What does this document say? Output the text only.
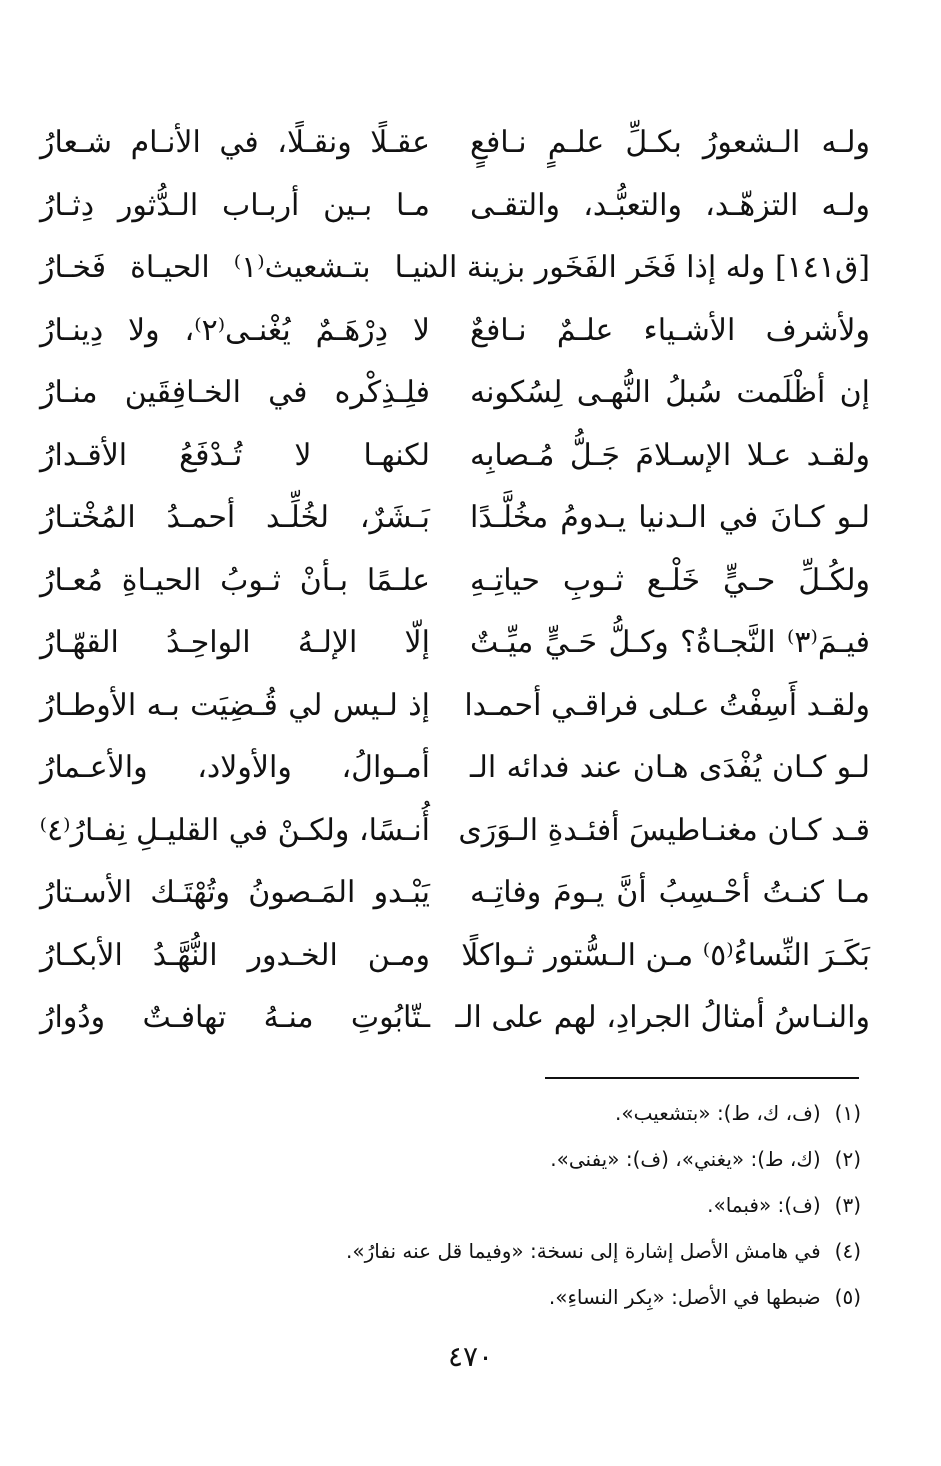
ولـه الـشعورُ بكـلِّ علـمٍ نـافعٍ
عقـلًا ونقـلًا، في الأنـام شـعارُ
ولـه التزهّـد، والتعبُّـد، والتقـى
مـا بـين أربـاب الـدُّثور دِثـارُ
[ق١٤١] وله إذا فَخَر الفَخَور بزينة الد
نيـا بتـشعيث⁽١⁾ الحيـاة فَخـارُ
ولأشرف الأشـياء علـمٌ نـافعٌ
لا دِرْهَـمٌ يُغْنـى⁽٢⁾، ولا دِينـارُ
إن أظْلَمت سُبلُ النُّهـى لِسُكونه
فلِـذِكْره في الخـافِقَين منـارُ
ولقـد عـلا الإسـلامَ جَـلُّ مُـصابِه
لكنهـا لا تُـدْفَعُ الأقـدارُ
لـو كـانَ في الـدنيا يـدومُ مخُلَّـدًا
بَـشَرٌ، لخُلِّـد أحمـدُ المُخْتـارُ
ولكُـلِّ حـيٍّ خَلْـع ثـوبِ حياتِـهِ
علـمًا بـأنْ ثـوبُ الحيـاةِ مُعـارُ
فيـمَ⁽٣⁾ النَّجـاةُ؟ وكـلُّ حَـيٍّ ميِّـتٌ
إلّا الإلـهُ الواحِـدُ القهّـارُ
ولقـد أَسِفْتُ عـلى فراقـي أحمـدا
إذ لـيس لي قُـضِيَت بـه الأوطـارُ
لـو كـان يُفْدَى هـان عند فدائه الـ
أمـوالُ، والأولاد، والأعـمارُ
قـد كـان مغنـاطيسَ أفئـدةِ الـوَرَى
أُنـسًا، ولكـنْ في القليـلِ نِفـارُ⁽٤⁾
مـا كنـتُ أحْـسِبُ أنَّ يـومَ وفاتِـه
يَبْـدو المَـصونُ وتُهْتَـك الأسـتارُ
بَكَـرَ النِّساءُ⁽٥⁾ مـن الـسُّتور ثـواكلًا
ومـن الخـدور النُّهَّـدُ الأبكـارُ
والنـاسُ أمثالُ الجرادِ، لهم على الـ
ـتّابُوتِ منـهُ تهافـتٌ ودُوارُ
(١)(ف، ك، ط): «بتشعيب».
(٢)(ك، ط): «يغني»، (ف): «يفنى».
(٣)(ف): «فبما».
(٤)في هامش الأصل إشارة إلى نسخة: «وفيما قل عنه نفارُ».
(٥)ضبطها في الأصل: «بِكر النساءِ».
٤٧٠
